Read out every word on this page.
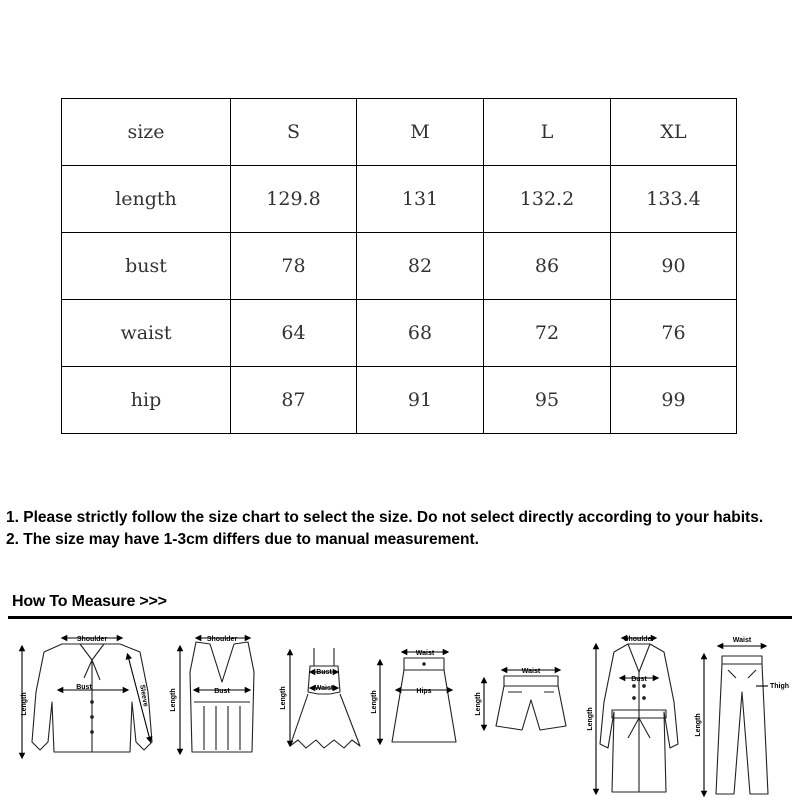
size	S	M	L	XL
length	129.8	131	132.2	133.4
bust	78	82	86	90
waist	64	68	72	76
hip	87	91	95	99

1. Please strictly follow the size chart to select the size. Do not select directly according to your habits.

2. The size may have 1-3cm differs due to manual measurement.

How To Measure >>>
Shoulder
Length
Bust	Sleeve
Shoulder
Length	Bust
Bust
Waist
Length
Waist
Hips
Length
Waist
Length
Shoulder
Bust
Length
Waist
Thigh
Length
